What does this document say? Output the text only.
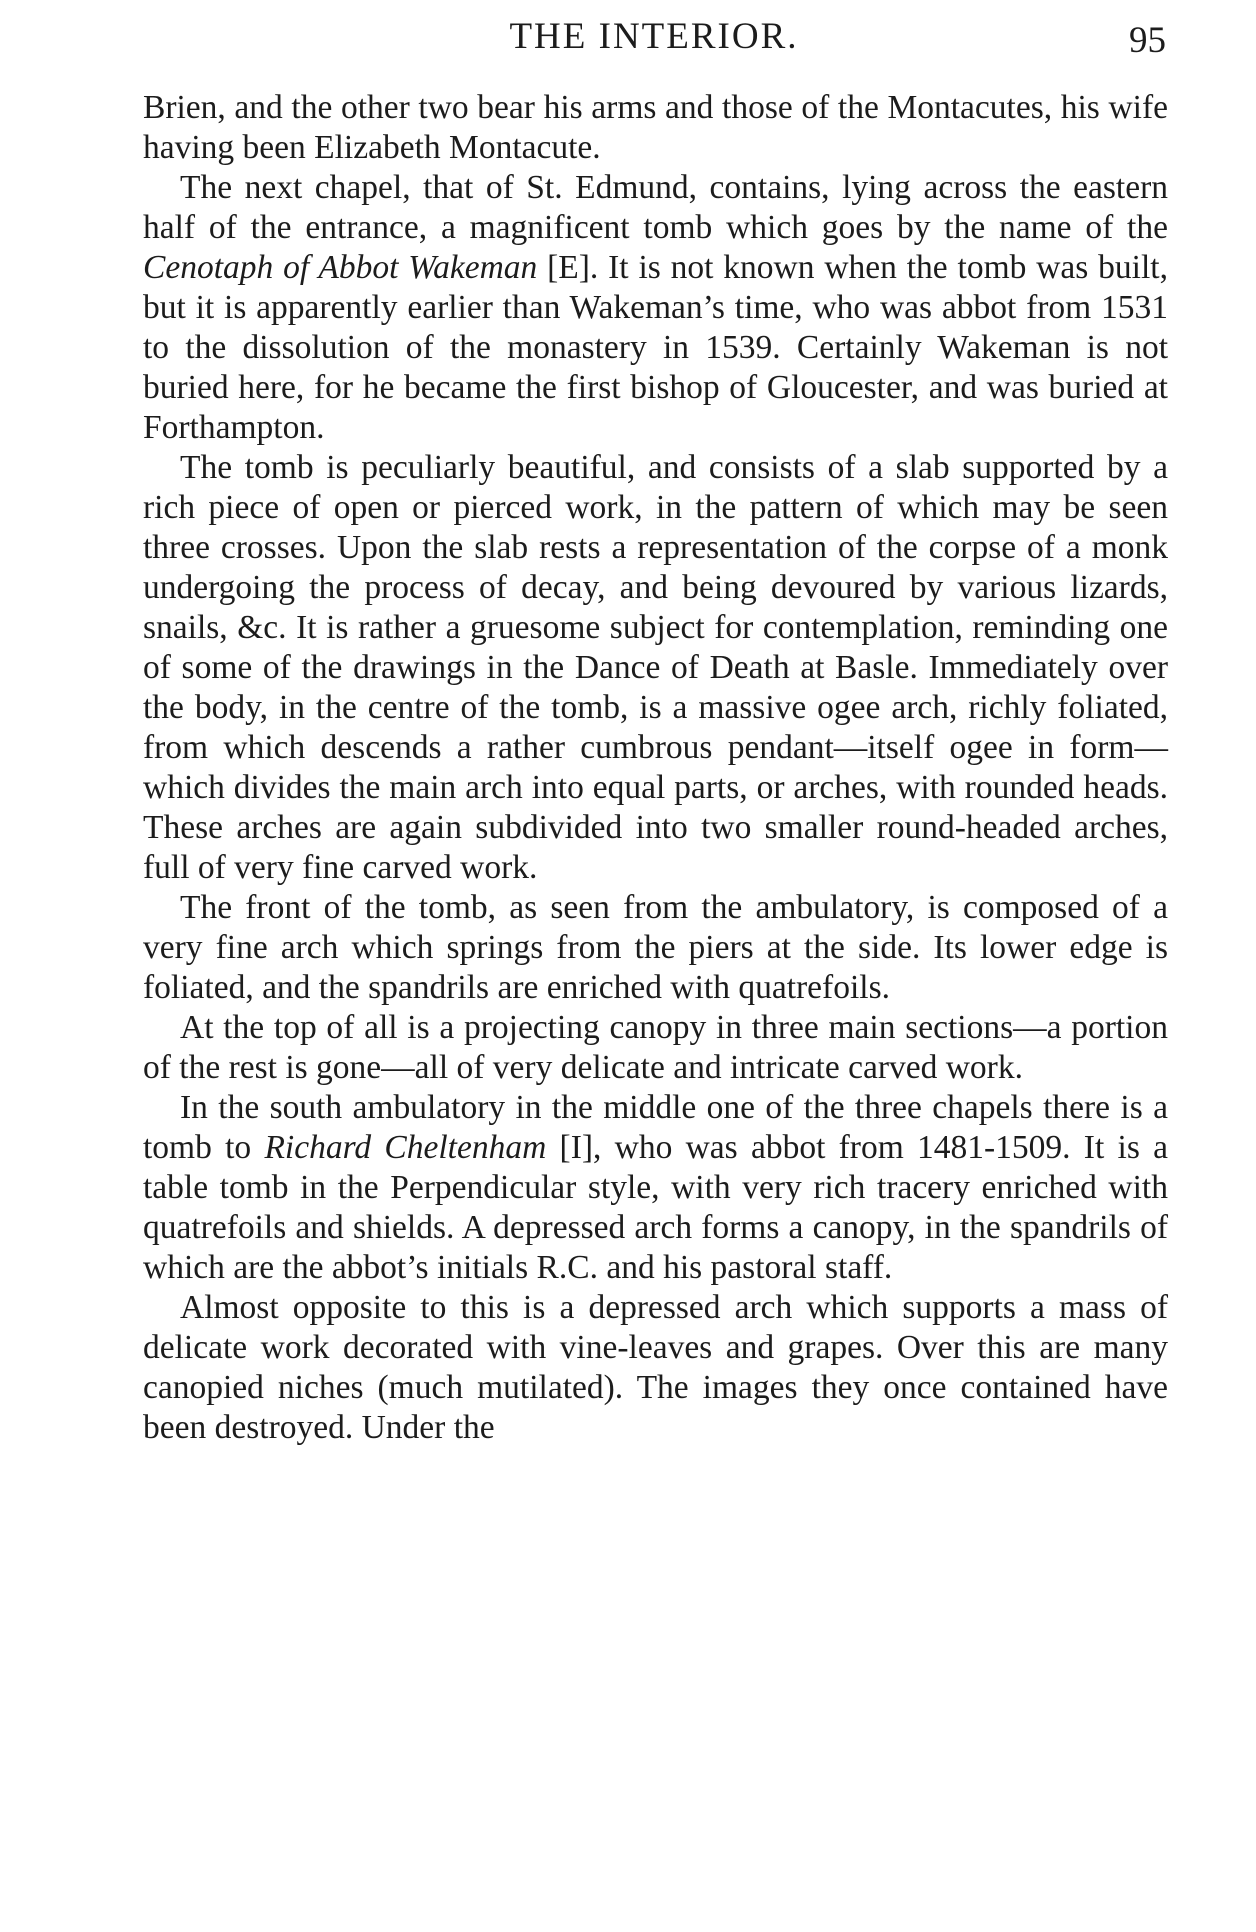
THE INTERIOR.	95

Brien, and the other two bear his arms and those of the Montacutes, his wife having been Elizabeth Montacute.

The next chapel, that of St. Edmund, contains, lying across the eastern half of the entrance, a magnificent tomb which goes by the name of the Cenotaph of Abbot Wakeman [E]. It is not known when the tomb was built, but it is apparently earlier than Wakeman’s time, who was abbot from 1531 to the dissolution of the monastery in 1539. Certainly Wakeman is not buried here, for he became the first bishop of Gloucester, and was buried at Forthampton.

The tomb is peculiarly beautiful, and consists of a slab supported by a rich piece of open or pierced work, in the pattern of which may be seen three crosses. Upon the slab rests a representation of the corpse of a monk undergoing the process of decay, and being devoured by various lizards, snails, &c. It is rather a gruesome subject for contemplation, reminding one of some of the drawings in the Dance of Death at Basle. Immediately over the body, in the centre of the tomb, is a massive ogee arch, richly foliated, from which descends a rather cumbrous pendant—itself ogee in form—which divides the main arch into equal parts, or arches, with rounded heads. These arches are again subdivided into two smaller round-headed arches, full of very fine carved work.

The front of the tomb, as seen from the ambulatory, is composed of a very fine arch which springs from the piers at the side. Its lower edge is foliated, and the spandrils are enriched with quatrefoils.

At the top of all is a projecting canopy in three main sections—a portion of the rest is gone—all of very delicate and intricate carved work.

In the south ambulatory in the middle one of the three chapels there is a tomb to Richard Cheltenham [I], who was abbot from 1481-1509. It is a table tomb in the Perpendicular style, with very rich tracery enriched with quatrefoils and shields. A depressed arch forms a canopy, in the spandrils of which are the abbot’s initials R.C. and his pastoral staff.

Almost opposite to this is a depressed arch which supports a mass of delicate work decorated with vine-leaves and grapes. Over this are many canopied niches (much mutilated). The images they once contained have been destroyed. Under the
